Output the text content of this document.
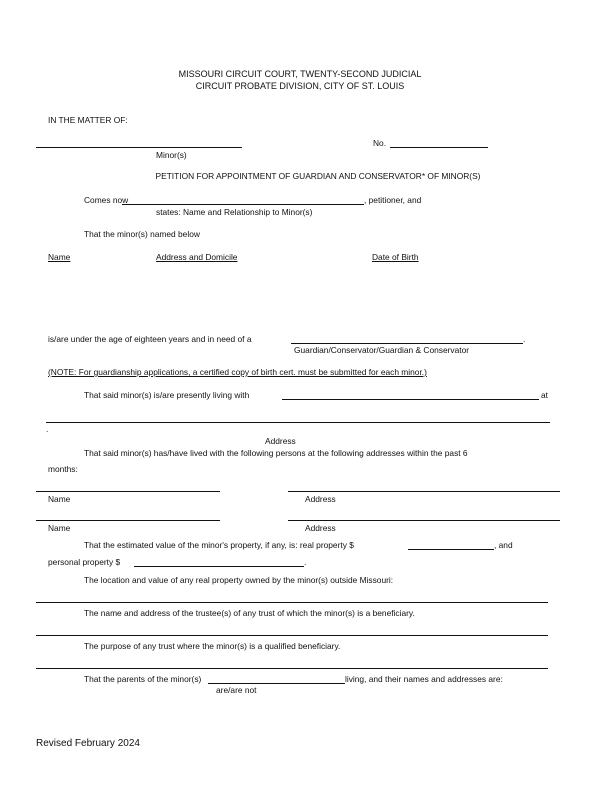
MISSOURI CIRCUIT COURT, TWENTY-SECOND JUDICIAL
CIRCUIT PROBATE DIVISION, CITY OF ST. LOUIS
IN THE MATTER OF:
Minor(s)
No.
PETITION FOR APPOINTMENT OF GUARDIAN AND CONSERVATOR* OF MINOR(S)
Comes now	, petitioner, and
states: Name and Relationship to Minor(s)
That the minor(s) named below
Name	Address and Domicile	Date of Birth
is/are under the age of eighteen years and in need of a	.
Guardian/Conservator/Guardian & Conservator
(NOTE: For guardianship applications, a certified copy of birth cert. must be submitted for each minor.)
That said minor(s) is/are presently living with	at
.
Address
That said minor(s) has/have lived with the following persons at the following addresses within the past 6
months:
Name	Address
Name	Address
That the estimated value of the minor's property, if any, is: real property $	, and
personal property $	.
The location and value of any real property owned by the minor(s) outside Missouri:
The name and address of the trustee(s) of any trust of which the minor(s) is a beneficiary.
The purpose of any trust where the minor(s) is a qualified beneficiary.
That the parents of the minor(s)	living, and their names and addresses are:
are/are not
Revised February 2024
